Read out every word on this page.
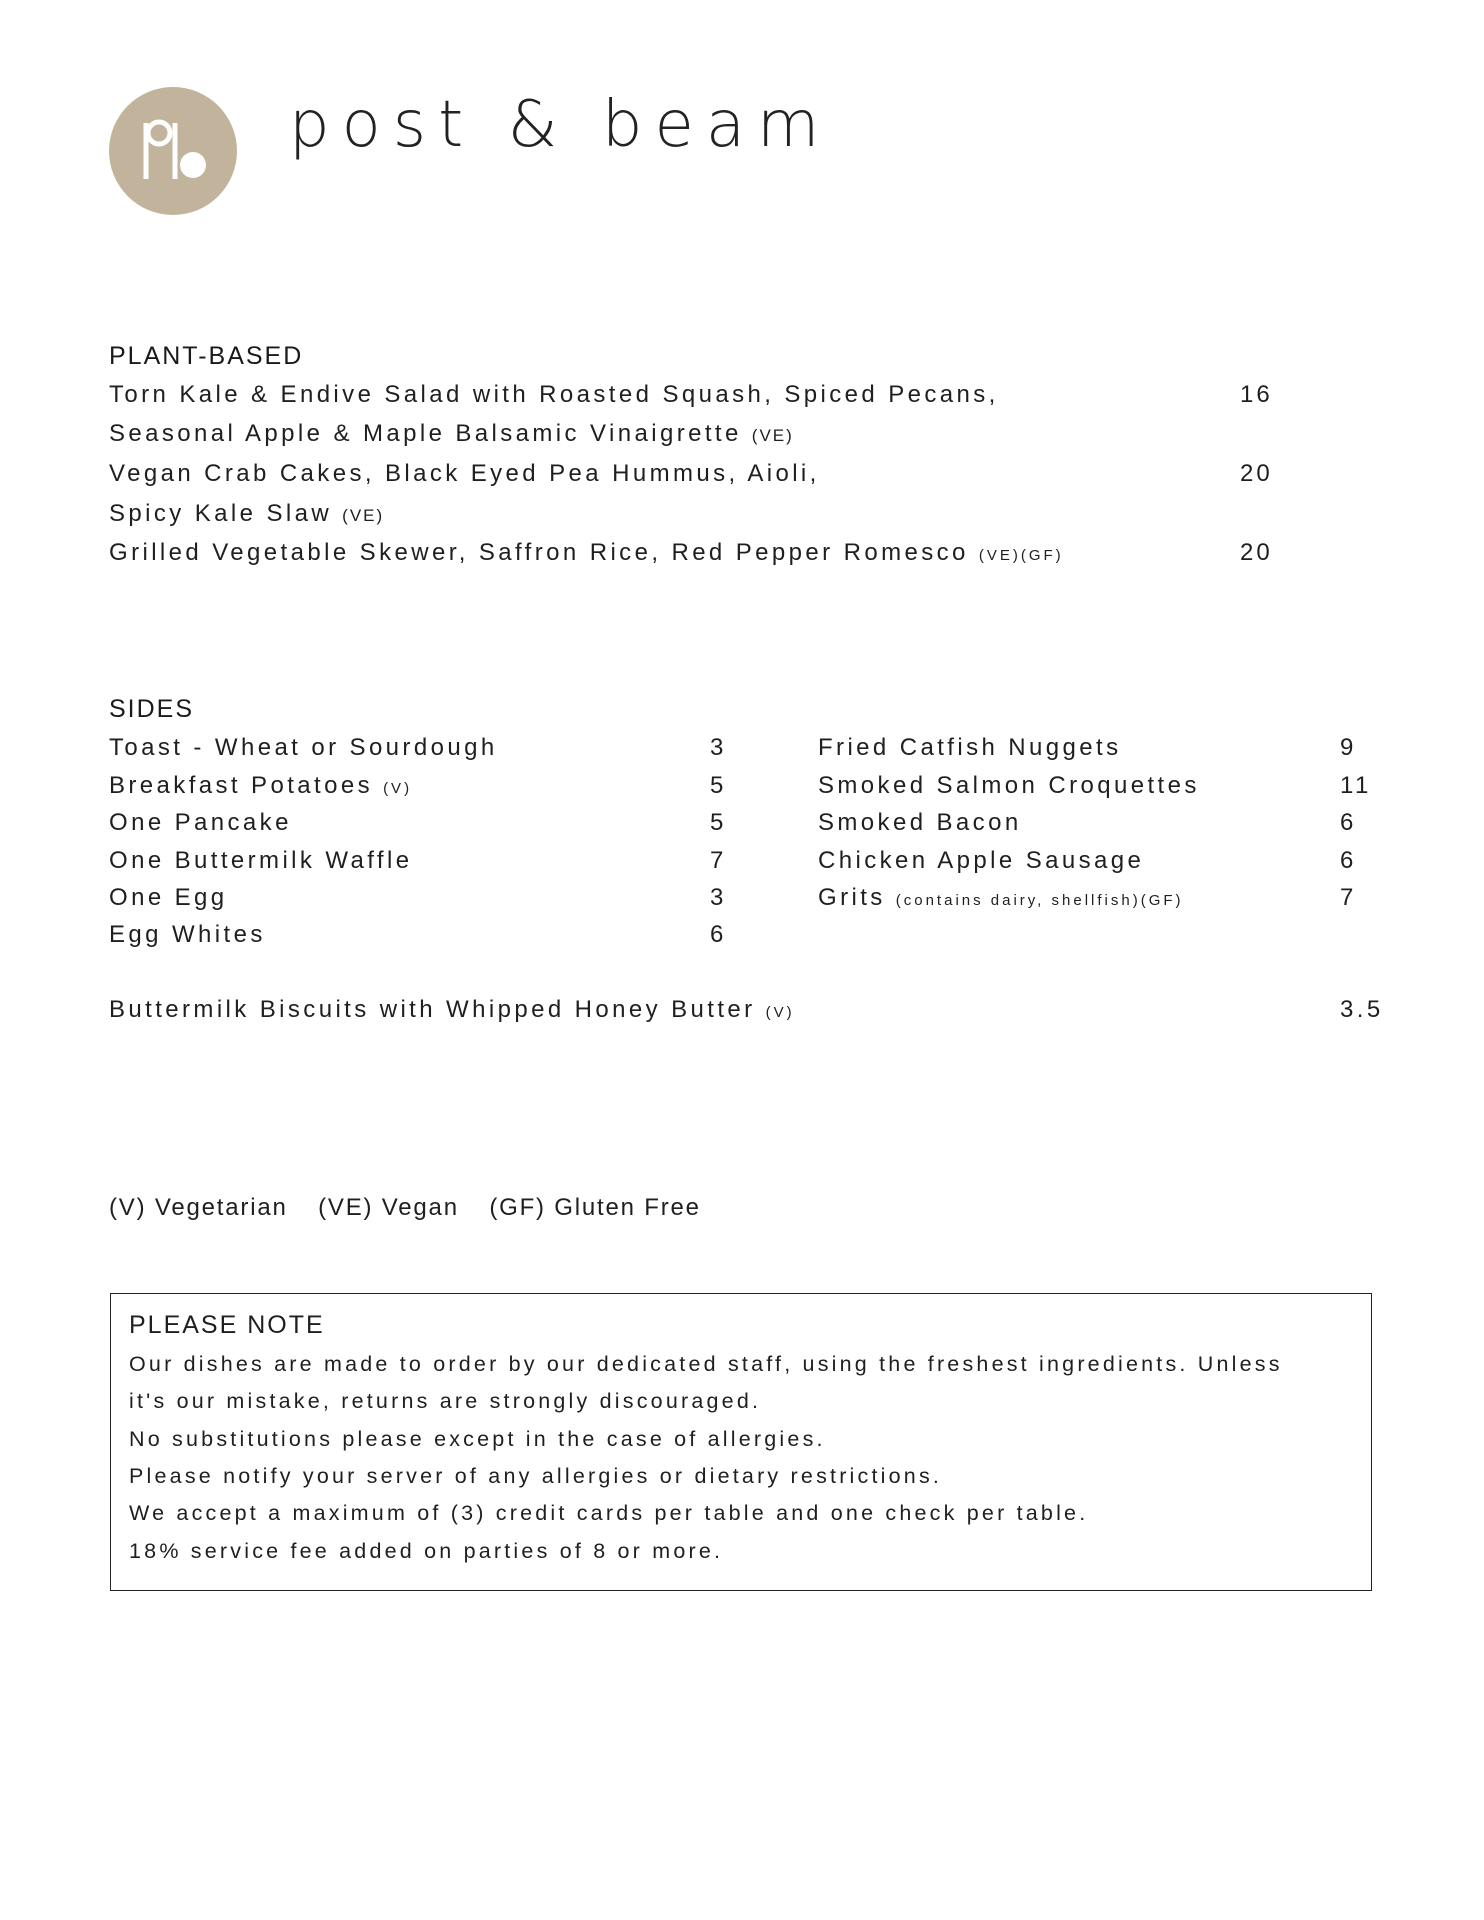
post & beam
PLANT-BASED
Torn Kale & Endive Salad with Roasted Squash, Spiced Pecans,	16
Seasonal Apple & Maple Balsamic Vinaigrette (VE)
Vegan Crab Cakes, Black Eyed Pea Hummus, Aioli,	20
Spicy Kale Slaw (VE)
Grilled Vegetable Skewer, Saffron Rice, Red Pepper Romesco (VE)(GF)	20
SIDES
Toast - Wheat or Sourdough	3
Breakfast Potatoes (V)	5
One Pancake	5
One Buttermilk Waffle	7
One Egg	3
Egg Whites	6
Fried Catfish Nuggets	9
Smoked Salmon Croquettes	11
Smoked Bacon	6
Chicken Apple Sausage	6
Grits (contains dairy, shellfish)(GF)	7
Buttermilk Biscuits with Whipped Honey Butter (V)	3.5
(V) Vegetarian (VE) Vegan (GF) Gluten Free
PLEASE NOTE
Our dishes are made to order by our dedicated staff, using the freshest ingredients. Unless
it's our mistake, returns are strongly discouraged.
No substitutions please except in the case of allergies.
Please notify your server of any allergies or dietary restrictions.
We accept a maximum of (3) credit cards per table and one check per table.
18% service fee added on parties of 8 or more.
